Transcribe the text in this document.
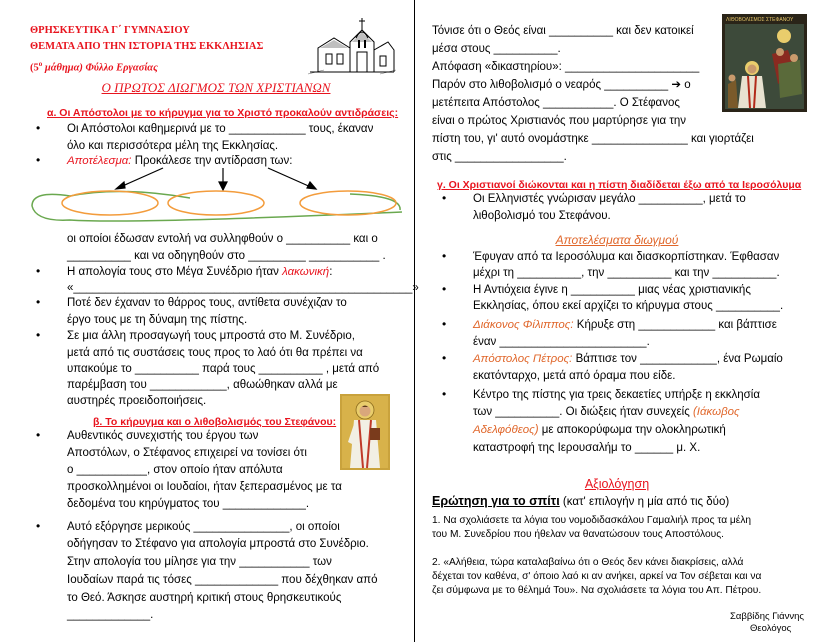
ΘΡΗΣΚΕΥΤΙΚΑ Γ΄ ΓΥΜΝΑΣΙΟΥ
ΘΕΜΑΤΑ ΑΠΟ ΤΗΝ ΙΣΤΟΡΙΑ ΤΗΣ ΕΚΚΛΗΣΙΑΣ
($5^o$ μάθημα) Φύλλο Εργασίας
Ο ΠΡΩΤΟΣ ΔΙΩΓΜΟΣ ΤΩΝ ΧΡΙΣΤΙΑΝΩΝ
α. Οι Απόστολοι με το κήρυγμα για το Χριστό προκαλούν αντιδράσεις:
• Οι Απόστολοι καθημερινά με το ____________ τους, έκαναν
όλο και περισσότερα μέλη της Εκκλησίας.
• Αποτέλεσμα: Προκάλεσε την αντίδραση των:
οι οποίοι έδωσαν εντολή να συλληφθούν ο __________ και ο
__________ και να οδηγηθούν στο _________ ___________ .
• Η απολογία τους στο Μέγα Συνέδριο ήταν λακωνική:
«_____________________________________________________»
• Ποτέ δεν έχαναν το θάρρος τους, αντίθετα συνέχιζαν το
έργο τους με τη δύναμη της πίστης.
• Σε μια άλλη προσαγωγή τους μπροστά στο Μ. Συνέδριο,
μετά από τις συστάσεις τους προς το λαό ότι θα πρέπει να
υπακούμε το __________ παρά τους __________ , μετά από
παρέμβαση του ____________, αθωώθηκαν αλλά με
αυστηρές προειδοποιήσεις.
β. Το κήρυγμα και ο λιθοβολισμός του Στεφάνου:
• Αυθεντικός συνεχιστής του έργου των
Αποστόλων, ο Στέφανος επιχειρεί να τονίσει ότι
ο ___________, στον οποίο ήταν απόλυτα
προσκολλημένοι οι Ιουδαίοι, ήταν ξεπερασμένος με τα
δεδομένα του κηρύγματος του _____________.
• Αυτό εξόργησε μερικούς _______________, οι οποίοι
οδήγησαν το Στέφανο για απολογία μπροστά στο Συνέδριο.
Στην απολογία του μίλησε για την ___________ των
Ιουδαίων παρά τις τόσες _____________ που δέχθηκαν από
το Θεό. Άσκησε αυστηρή κριτική στους θρησκευτικούς
_____________.
Τόνισε ότι ο Θεός είναι __________ και δεν κατοικεί
μέσα στους __________.
Απόφαση «δικαστηρίου»: _____________________
Παρόν στο λιθοβολισμό ο νεαρός __________ ➔ ο
μετέπειτα Απόστολος ___________. Ο Στέφανος
είναι ο πρώτος Χριστιανός που μαρτύρησε για την
πίστη του, γι' αυτό ονομάστηκε _______________ και γιορτάζει
στις _________________.
ΛΙΘΟΒΟΛΙΣΜΟΣ ΣΤΕΦΑΝΟΥ
γ. Οι Χριστιανοί διώκονται και η πίστη διαδίδεται έξω από τα Ιεροσόλυμα
• Οι Ελληνιστές γνώρισαν μεγάλο __________, μετά το
λιθοβολισμό του Στεφάνου.
Αποτελέσματα διωγμού
• Έφυγαν από τα Ιεροσόλυμα και διασκορπίστηκαν. Έφθασαν
μέχρι τη __________, την __________ και την __________.
• Η Αντιόχεια έγινε η __________ μιας νέας χριστιανικής
Εκκλησίας, όπου εκεί αρχίζει το κήρυγμα στους __________.
• Διάκονος Φίλιππος: Κήρυξε στη ____________ και βάπτισε
έναν _______________________.
• Απόστολος Πέτρος: Βάπτισε τον ____________, ένα Ρωμαίο
εκατόνταρχο, μετά από όραμα που είδε.
• Κέντρο της πίστης για τρεις δεκαετίες υπήρξε η εκκλησία
των __________. Οι διώξεις ήταν συνεχείς (Ιάκωβος
Αδελφόθεος) με αποκορύφωμα την ολοκληρωτική
καταστροφή της Ιερουσαλήμ το ______ μ. Χ.
Αξιολόγηση
Ερώτηση για το σπίτι (κατ' επιλογήν η μία από τις δύο)
1. Να σχολιάσετε τα λόγια του νομοδιδασκάλου Γαμαλιήλ προς τα μέλη
του Μ. Συνεδρίου που ήθελαν να θανατώσουν τους Αποστόλους.
2. «Αλήθεια, τώρα καταλαβαίνω ότι ο Θεός δεν κάνει διακρίσεις, αλλά
δέχεται τον καθένα, σ' όποιο λαό κι αν ανήκει, αρκεί να Τον σέβεται και να
ζει σύμφωνα με το θέλημά Του». Να σχολιάσετε τα λόγια του Απ. Πέτρου.
Σαββίδης Γιάννης
Θεολόγος
